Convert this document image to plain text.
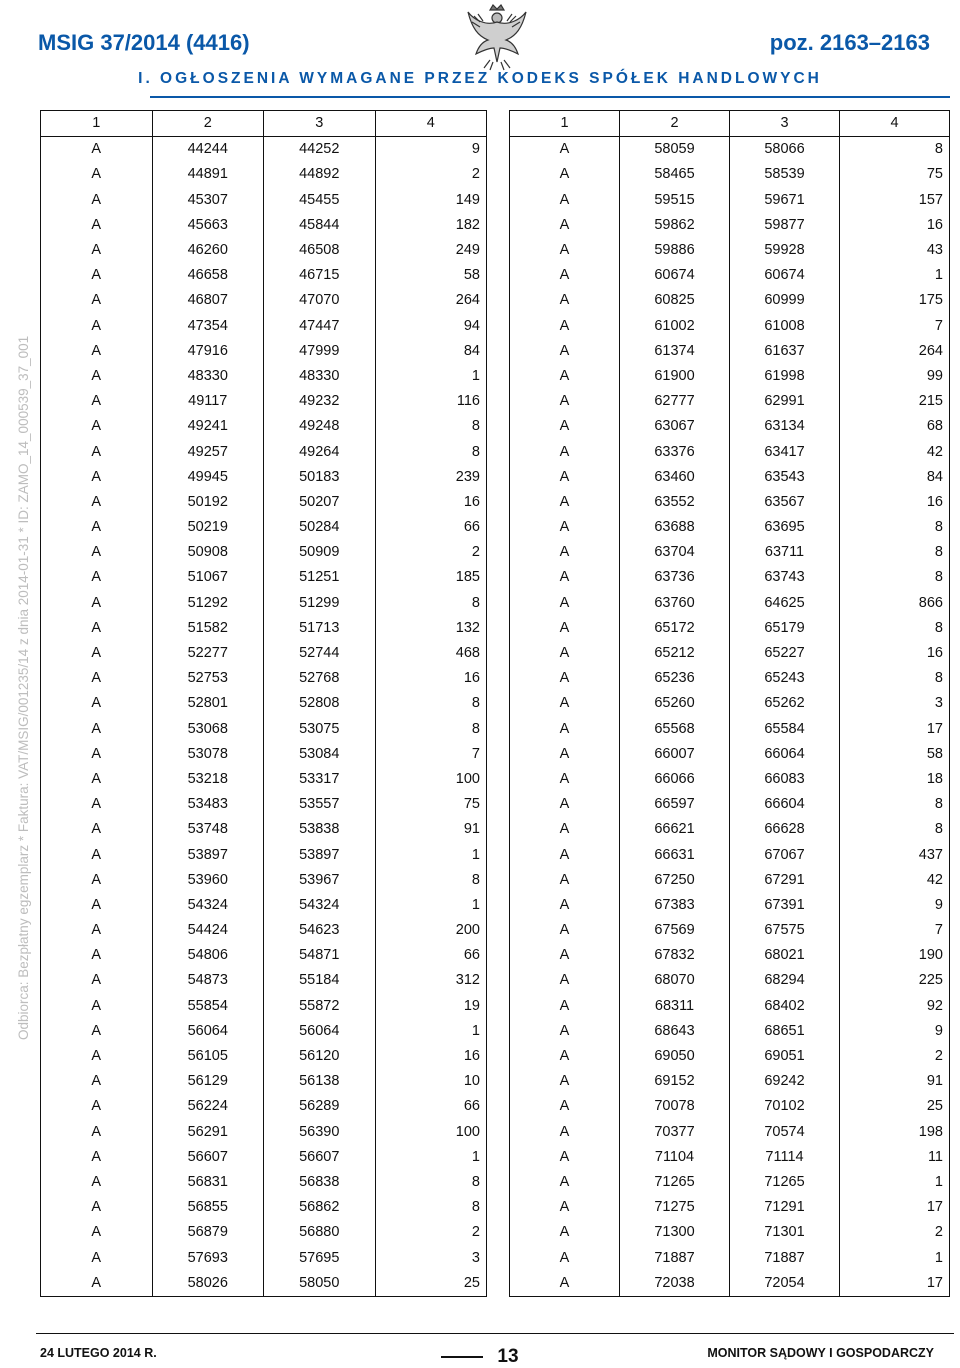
MSIG 37/2014 (4416)	poz. 2163–2163
I. OGŁOSZENIA WYMAGANE PRZEZ KODEKS SPÓŁEK HANDLOWYCH
Odbiorca: Bezpłatny egzemplarz * Faktura: VAT/MSIG/001235/14 z dnia 2014-01-31 * ID: ZAMO_14_000539_37_001
1	2	3	4
A	44244	44252	9
A	44891	44892	2
A	45307	45455	149
A	45663	45844	182
A	46260	46508	249
A	46658	46715	58
A	46807	47070	264
A	47354	47447	94
A	47916	47999	84
A	48330	48330	1
A	49117	49232	116
A	49241	49248	8
A	49257	49264	8
A	49945	50183	239
A	50192	50207	16
A	50219	50284	66
A	50908	50909	2
A	51067	51251	185
A	51292	51299	8
A	51582	51713	132
A	52277	52744	468
A	52753	52768	16
A	52801	52808	8
A	53068	53075	8
A	53078	53084	7
A	53218	53317	100
A	53483	53557	75
A	53748	53838	91
A	53897	53897	1
A	53960	53967	8
A	54324	54324	1
A	54424	54623	200
A	54806	54871	66
A	54873	55184	312
A	55854	55872	19
A	56064	56064	1
A	56105	56120	16
A	56129	56138	10
A	56224	56289	66
A	56291	56390	100
A	56607	56607	1
A	56831	56838	8
A	56855	56862	8
A	56879	56880	2
A	57693	57695	3
A	58026	58050	25
1	2	3	4
A	58059	58066	8
A	58465	58539	75
A	59515	59671	157
A	59862	59877	16
A	59886	59928	43
A	60674	60674	1
A	60825	60999	175
A	61002	61008	7
A	61374	61637	264
A	61900	61998	99
A	62777	62991	215
A	63067	63134	68
A	63376	63417	42
A	63460	63543	84
A	63552	63567	16
A	63688	63695	8
A	63704	63711	8
A	63736	63743	8
A	63760	64625	866
A	65172	65179	8
A	65212	65227	16
A	65236	65243	8
A	65260	65262	3
A	65568	65584	17
A	66007	66064	58
A	66066	66083	18
A	66597	66604	8
A	66621	66628	8
A	66631	67067	437
A	67250	67291	42
A	67383	67391	9
A	67569	67575	7
A	67832	68021	190
A	68070	68294	225
A	68311	68402	92
A	68643	68651	9
A	69050	69051	2
A	69152	69242	91
A	70078	70102	25
A	70377	70574	198
A	71104	71114	11
A	71265	71265	1
A	71275	71291	17
A	71300	71301	2
A	71887	71887	1
A	72038	72054	17
24 LUTEGO 2014 R.	13	MONITOR SĄDOWY I GOSPODARCZY
